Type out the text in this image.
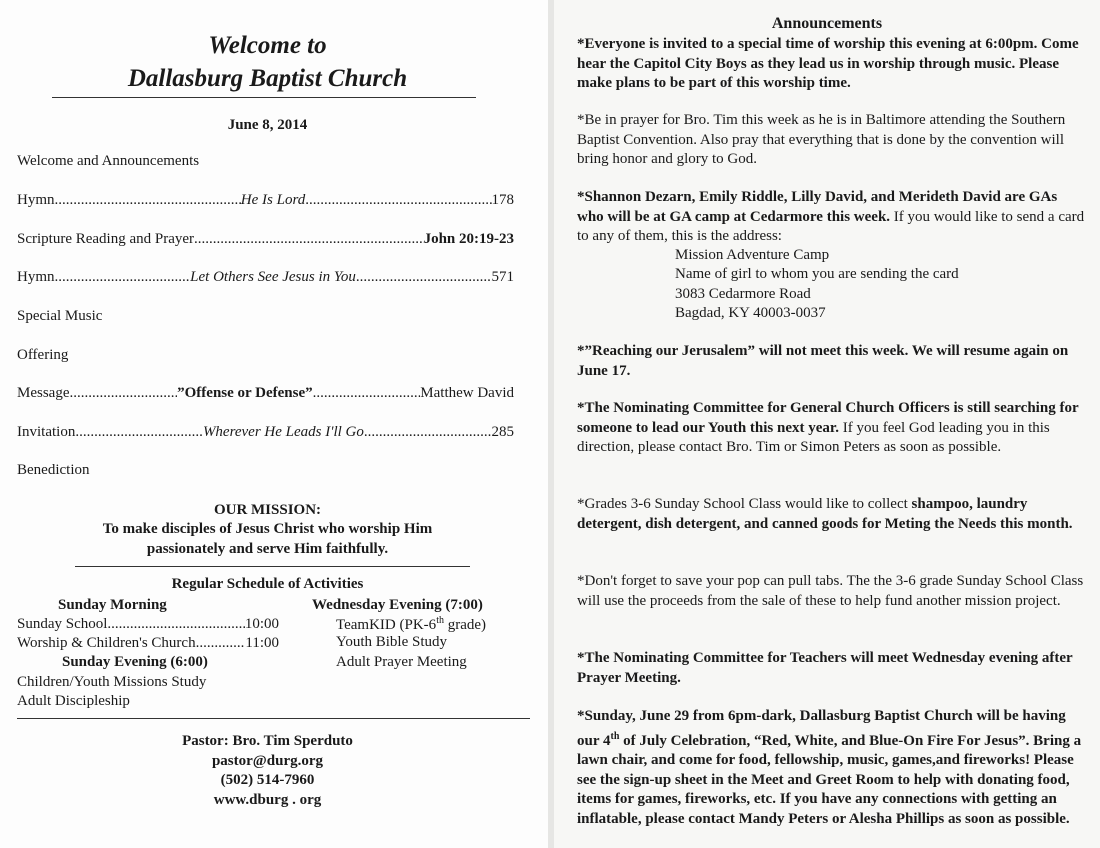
Welcome to
Dallasburg Baptist Church
June 8, 2014
Welcome and Announcements
Hymn .....	He Is Lord .....	178
Scripture Reading and Prayer .....	John 20:19-23
Hymn .....	Let Others See Jesus in You .....	571
Special Music
Offering
Message .....	”Offense or Defense” .....	Matthew David
Invitation .....	Wherever He Leads I'll Go .....	285
Benediction
OUR MISSION:
To make disciples of Jesus Christ who worship Him
passionately and serve Him faithfully.
Regular Schedule of Activities
Sunday Morning
Sunday School .....	10:00
Worship & Children's Church .....	11:00
Sunday Evening (6:00)
Children/Youth Missions Study
Adult Discipleship
Wednesday Evening (7:00)
TeamKID (PK-6th grade)
Youth Bible Study
Adult Prayer Meeting
Pastor: Bro. Tim Sperduto
pastor@durg.org
(502) 514-7960
www.dburg . org
Announcements
*Everyone is invited to a special time of worship this evening at 6:00pm. Come hear the Capitol City Boys as they lead us in worship through music. Please make plans to be part of this worship time.
*Be in prayer for Bro. Tim this week as he is in Baltimore attending the Southern Baptist Convention. Also pray that everything that is done by the convention will bring honor and glory to God.
*Shannon Dezarn, Emily Riddle, Lilly David, and Merideth David are GAs who will be at GA camp at Cedarmore this week. If you would like to send a card to any of them, this is the address:
Mission Adventure Camp
Name of girl to whom you are sending the card
3083 Cedarmore Road
Bagdad, KY 40003-0037
*”Reaching our Jerusalem” will not meet this week. We will resume again on June 17.
*The Nominating Committee for General Church Officers is still searching for someone to lead our Youth this next year. If you feel God leading you in this direction, please contact Bro. Tim or Simon Peters as soon as possible.
*Grades 3-6 Sunday School Class would like to collect shampoo, laundry detergent, dish detergent, and canned goods for Meting the Needs this month.
*Don't forget to save your pop can pull tabs. The the 3-6 grade Sunday School Class will use the proceeds from the sale of these to help fund another mission project.
*The Nominating Committee for Teachers will meet Wednesday evening after Prayer Meeting.
*Sunday, June 29 from 6pm-dark, Dallasburg Baptist Church will be having our 4th of July Celebration, “Red, White, and Blue-On Fire For Jesus”. Bring a lawn chair, and come for food, fellowship, music, games,and fireworks! Please see the sign-up sheet in the Meet and Greet Room to help with donating food, items for games, fireworks, etc. If you have any connections with getting an inflatable, please contact Mandy Peters or Alesha Phillips as soon as possible.
